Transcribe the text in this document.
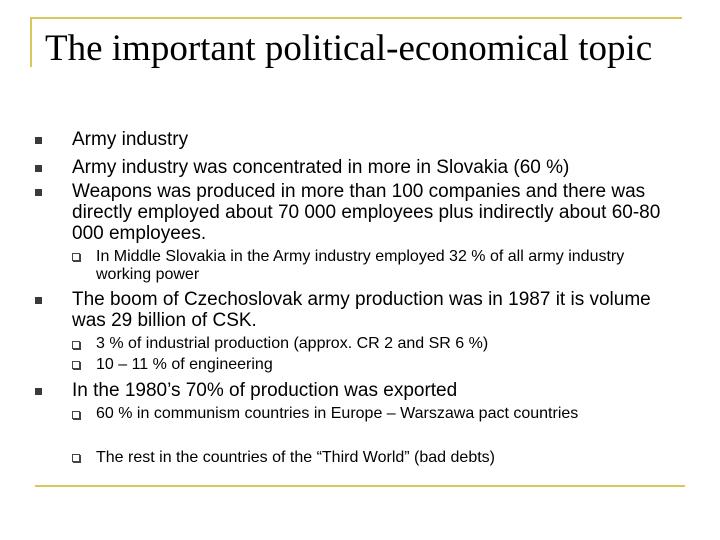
The important political-economical topic
Army industry
Army industry was concentrated in more in Slovakia (60 %)
Weapons was produced in more than 100 companies and there was directly employed about 70 000 employees plus indirectly about 60-80 000 employees.
In Middle Slovakia in the Army industry employed 32 % of all army industry working power
The boom of Czechoslovak army production was in 1987 it is volume was 29 billion of CSK.
3 % of industrial production (approx. CR 2 and SR 6 %)
10 – 11 % of engineering
In the 1980’s 70% of production was exported
60 % in communism countries in Europe – Warszawa pact countries
The rest in the countries of the “Third World” (bad debts)
